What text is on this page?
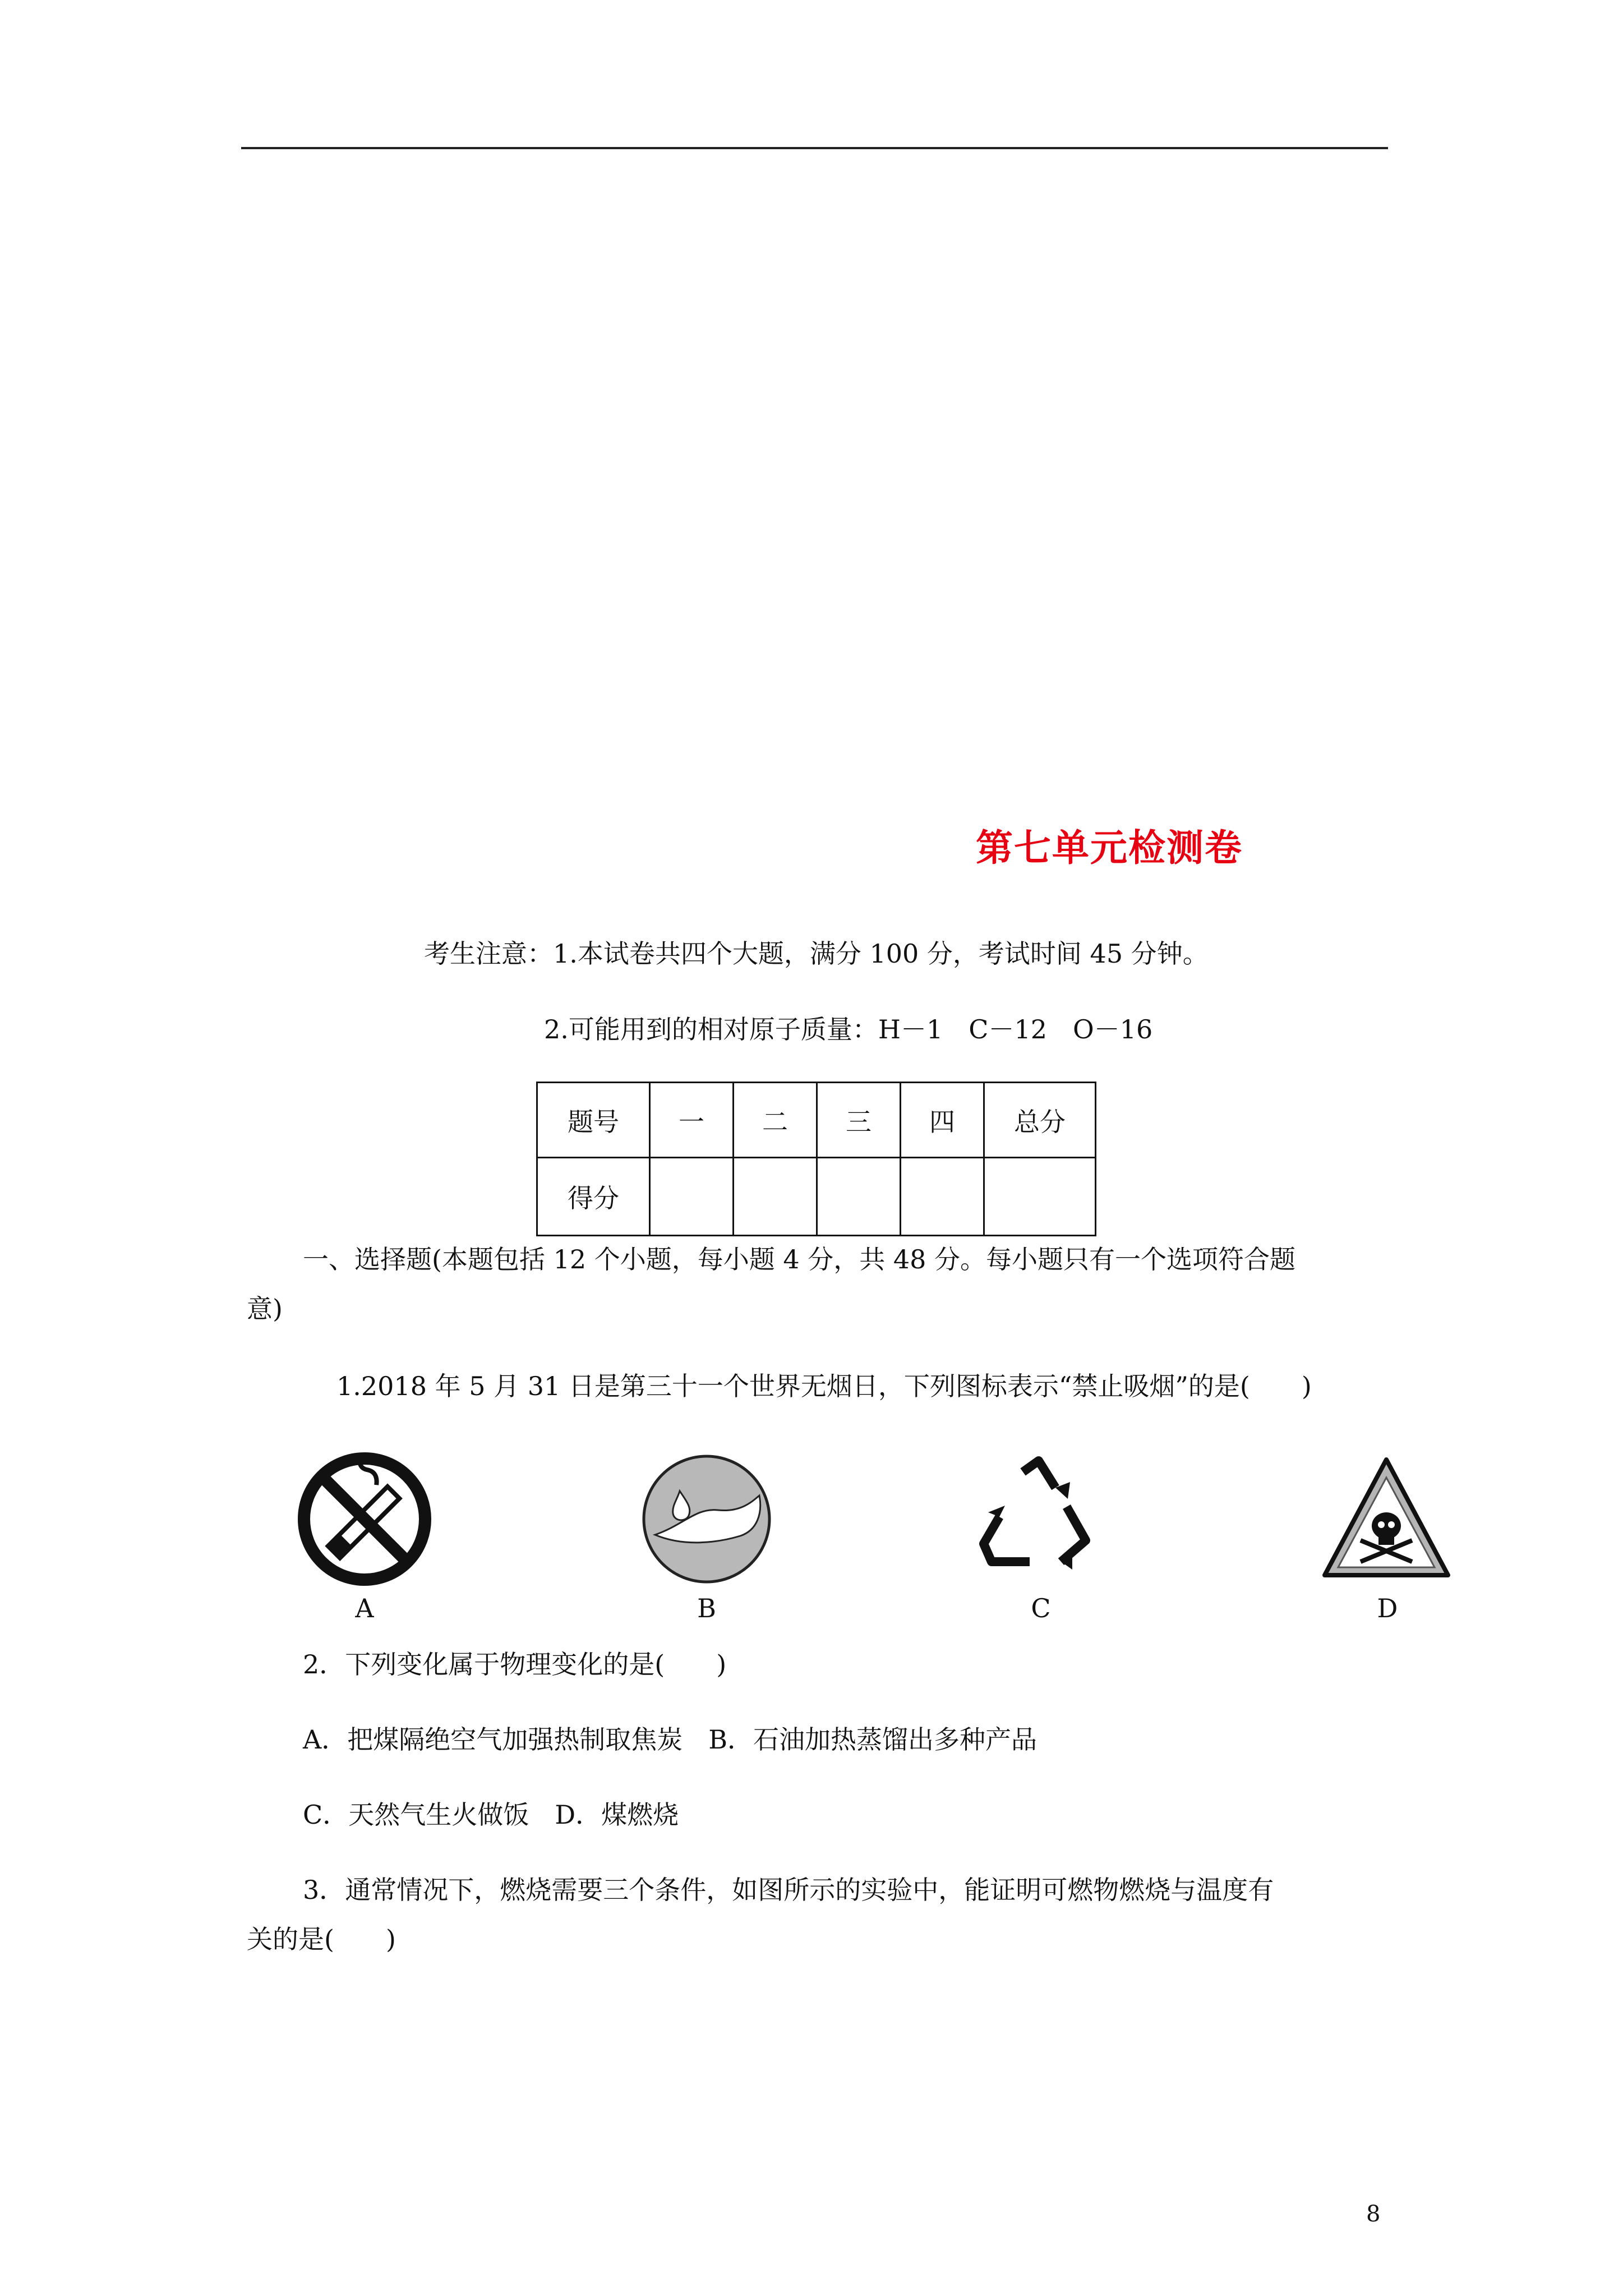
第七单元检测卷
考生注意：1.本试卷共四个大题，满分 100 分，考试时间 45 分钟。
2.可能用到的相对原子质量：H－1　C－12　O－16
题号	一	二	三	四	总分
得分					
一、选择题(本题包括 12 个小题，每小题 4 分，共 48 分。每小题只有一个选项符合题
意)
1.2018 年 5 月 31 日是第三十一个世界无烟日，下列图标表示“禁止吸烟”的是(　　)
A	B	C	D
2．下列变化属于物理变化的是(　　)
A．把煤隔绝空气加强热制取焦炭　B．石油加热蒸馏出多种产品
C．天然气生火做饭　D．煤燃烧
3．通常情况下，燃烧需要三个条件，如图所示的实验中，能证明可燃物燃烧与温度有
关的是(　　)
8
